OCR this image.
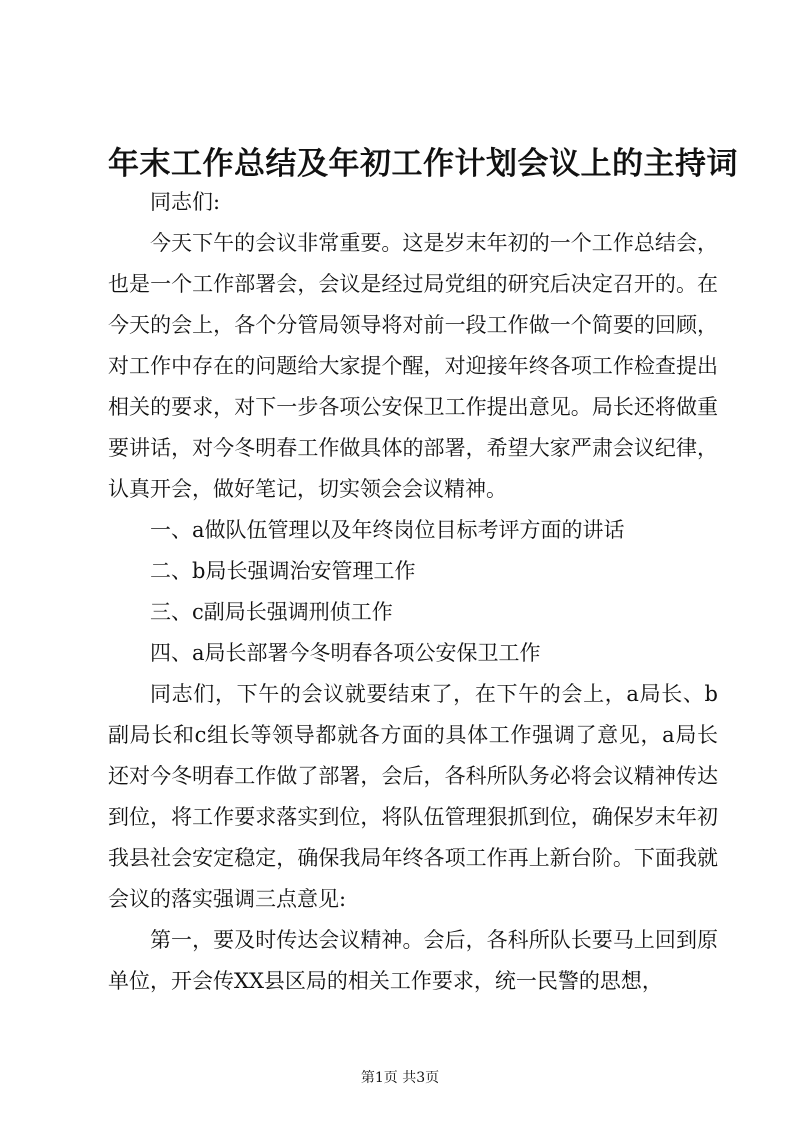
年末工作总结及年初工作计划会议上的主持词

同志们:

今天下午的会议非常重要。这是岁末年初的一个工作总结会，也是一个工作部署会，会议是经过局党组的研究后决定召开的。在今天的会上，各个分管局领导将对前一段工作做一个简要的回顾，对工作中存在的问题给大家提个醒，对迎接年终各项工作检查提出相关的要求，对下一步各项公安保卫工作提出意见。局长还将做重要讲话，对今冬明春工作做具体的部署，希望大家严肃会议纪律，认真开会，做好笔记，切实领会会议精神。

一、a做队伍管理以及年终岗位目标考评方面的讲话

二、b局长强调治安管理工作

三、c副局长强调刑侦工作

四、a局长部署今冬明春各项公安保卫工作

同志们，下午的会议就要结束了，在下午的会上，a局长、b副局长和c组长等领导都就各方面的具体工作强调了意见，a局长还对今冬明春工作做了部署，会后，各科所队务必将会议精神传达到位，将工作要求落实到位，将队伍管理狠抓到位，确保岁末年初我县社会安定稳定，确保我局年终各项工作再上新台阶。下面我就会议的落实强调三点意见:

第一，要及时传达会议精神。会后，各科所队长要马上回到原单位，开会传XX县区局的相关工作要求，统一民警的思想，

第1页 共3页
